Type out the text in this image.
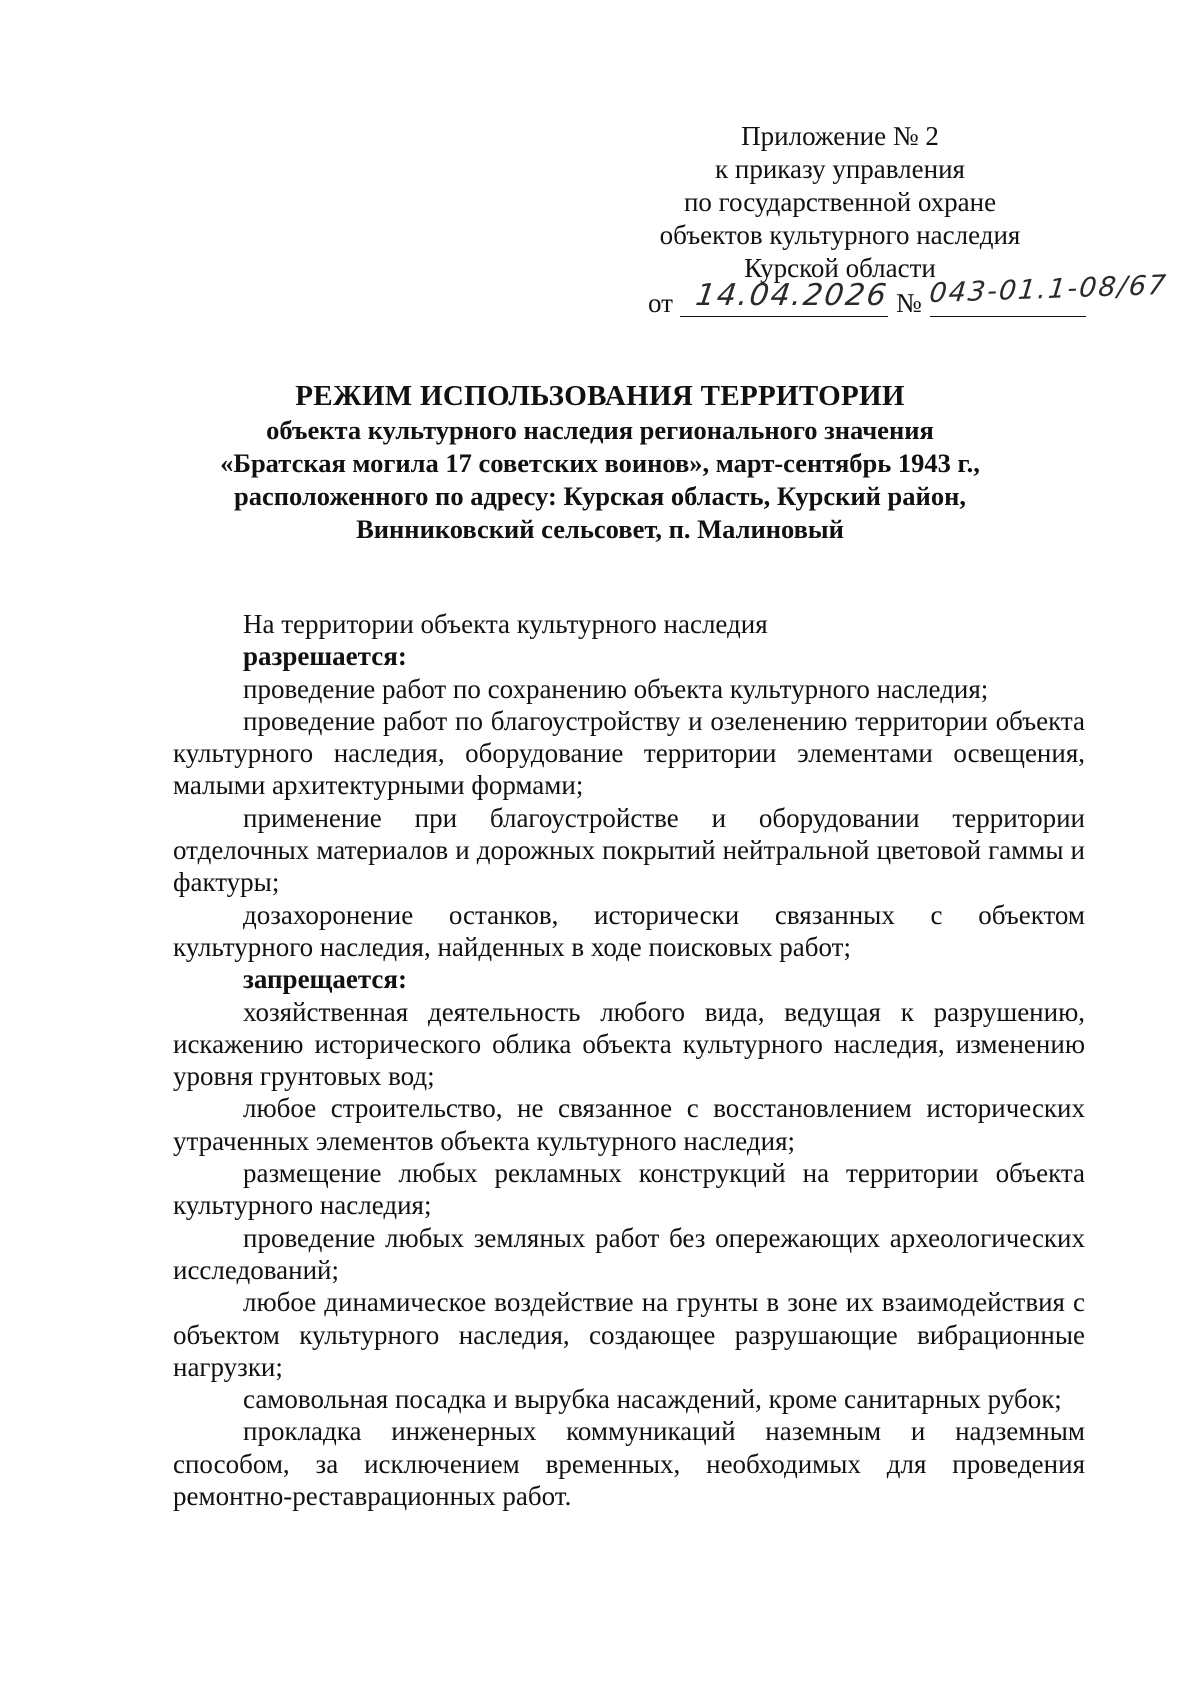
Приложение № 2
к приказу управления
по государственной охране
объектов культурного наследия
Курской области
от 14.04.2026 № 043-01.1-08/67
РЕЖИМ ИСПОЛЬЗОВАНИЯ ТЕРРИТОРИИ
объекта культурного наследия регионального значения
«Братская могила 17 советских воинов», март-сентябрь 1943 г.,
расположенного по адресу: Курская область, Курский район,
Винниковский сельсовет, п. Малиновый

На территории объекта культурного наследия

разрешается:

проведение работ по сохранению объекта культурного наследия;

проведение работ по благоустройству и озеленению территории объекта культурного наследия, оборудование территории элементами освещения, малыми архитектурными формами;

применение при благоустройстве и оборудовании территории отделочных материалов и дорожных покрытий нейтральной цветовой гаммы и фактуры;

дозахоронение останков, исторически связанных с объектом культурного наследия, найденных в ходе поисковых работ;

запрещается:

хозяйственная деятельность любого вида, ведущая к разрушению, искажению исторического облика объекта культурного наследия, изменению уровня грунтовых вод;

любое строительство, не связанное с восстановлением исторических утраченных элементов объекта культурного наследия;

размещение любых рекламных конструкций на территории объекта культурного наследия;

проведение любых земляных работ без опережающих археологических исследований;

любое динамическое воздействие на грунты в зоне их взаимодействия с объектом культурного наследия, создающее разрушающие вибрационные нагрузки;

самовольная посадка и вырубка насаждений, кроме санитарных рубок;

прокладка инженерных коммуникаций наземным и надземным способом, за исключением временных, необходимых для проведения ремонтно-реставрационных работ.
